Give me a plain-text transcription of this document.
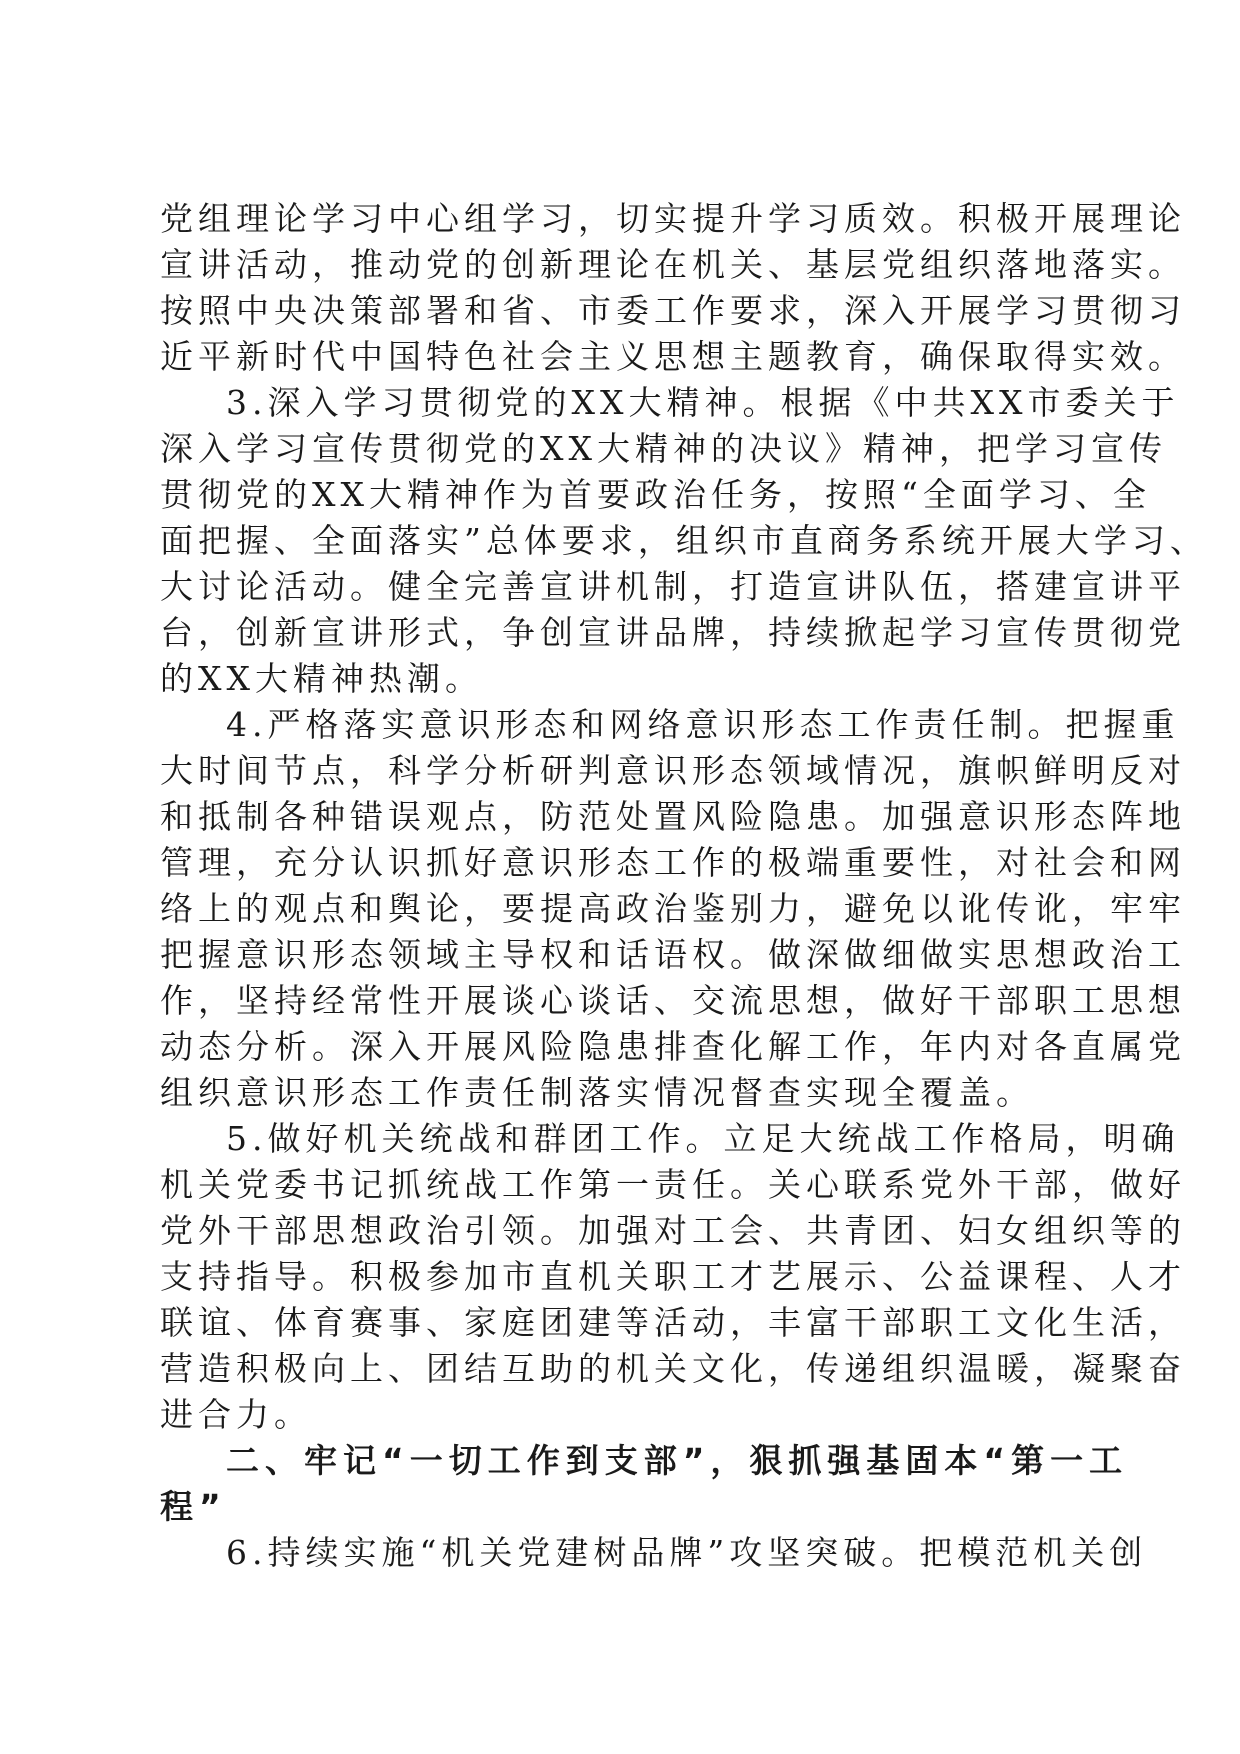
党组理论学习中心组学习，切实提升学习质效。积极开展理论
宣讲活动，推动党的创新理论在机关、基层党组织落地落实。
按照中央决策部署和省、市委工作要求，深入开展学习贯彻习
近平新时代中国特色社会主义思想主题教育，确保取得实效。
3.深入学习贯彻党的XX大精神。根据《中共XX市委关于
深入学习宣传贯彻党的XX大精神的决议》精神，把学习宣传
贯彻党的XX大精神作为首要政治任务，按照“全面学习、全
面把握、全面落实”总体要求，组织市直商务系统开展大学习、
大讨论活动。健全完善宣讲机制，打造宣讲队伍，搭建宣讲平
台，创新宣讲形式，争创宣讲品牌，持续掀起学习宣传贯彻党
的XX大精神热潮。
4.严格落实意识形态和网络意识形态工作责任制。把握重
大时间节点，科学分析研判意识形态领域情况，旗帜鲜明反对
和抵制各种错误观点，防范处置风险隐患。加强意识形态阵地
管理，充分认识抓好意识形态工作的极端重要性，对社会和网
络上的观点和舆论，要提高政治鉴别力，避免以讹传讹，牢牢
把握意识形态领域主导权和话语权。做深做细做实思想政治工
作，坚持经常性开展谈心谈话、交流思想，做好干部职工思想
动态分析。深入开展风险隐患排查化解工作，年内对各直属党
组织意识形态工作责任制落实情况督查实现全覆盖。
5.做好机关统战和群团工作。立足大统战工作格局，明确
机关党委书记抓统战工作第一责任。关心联系党外干部，做好
党外干部思想政治引领。加强对工会、共青团、妇女组织等的
支持指导。积极参加市直机关职工才艺展示、公益课程、人才
联谊、体育赛事、家庭团建等活动，丰富干部职工文化生活，
营造积极向上、团结互助的机关文化，传递组织温暖，凝聚奋
进合力。
二、牢记“一切工作到支部”，狠抓强基固本“第一工
程”
6.持续实施“机关党建树品牌”攻坚突破。把模范机关创
